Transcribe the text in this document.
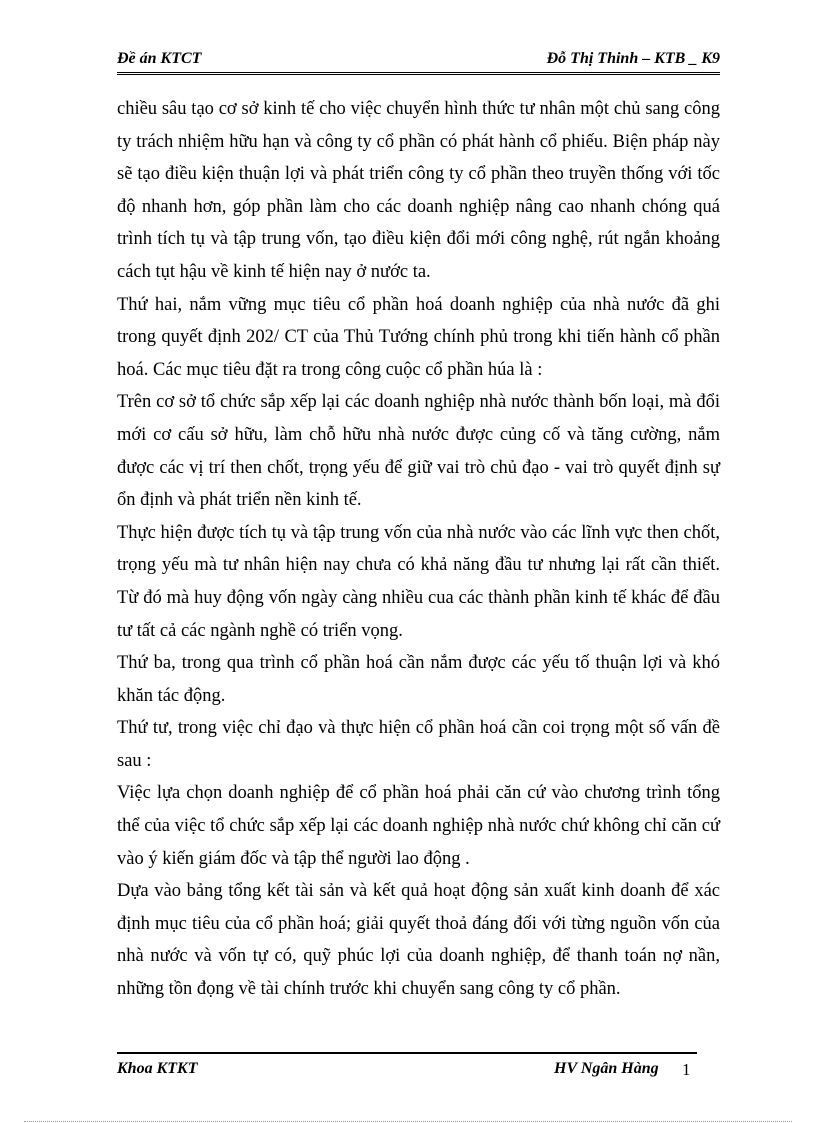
Đề án KTCT	Đỗ Thị Thinh – KTB _ K9

chiều sâu tạo cơ sở kinh tế cho việc chuyển hình thức tư nhân một chủ sang công ty trách nhiệm hữu hạn và công ty cổ phần có phát hành cổ phiếu. Biện pháp này sẽ tạo điều kiện thuận lợi và phát triển công ty cổ phần theo truyền thống với tốc độ nhanh hơn, góp phần làm cho các doanh nghiệp nâng cao nhanh chóng quá trình tích tụ và tập trung vốn, tạo điều kiện đổi mới công nghệ, rút ngắn khoảng cách tụt hậu về kinh tế hiện nay ở nước ta.

Thứ hai, nắm vững mục tiêu cổ phần hoá doanh nghiệp của nhà nước đã ghi trong quyết định 202/ CT của Thủ Tướng chính phủ trong khi tiến hành cổ phần hoá. Các mục tiêu đặt ra trong công cuộc cổ phần húa là :

Trên cơ sở tổ chức sắp xếp lại các doanh nghiệp nhà nước thành bốn loại, mà đổi mới cơ cấu sở hữu, làm chỗ hữu nhà nước được củng cố và tăng cường, nắm được các vị trí then chốt, trọng yếu để giữ vai trò chủ đạo - vai trò quyết định sự ổn định và phát triển nền kinh tế.

Thực hiện được tích tụ và tập trung vốn của nhà nước vào các lĩnh vực then chốt, trọng yếu mà tư nhân hiện nay chưa có khả năng đầu tư nhưng lại rất cần thiết. Từ đó mà huy động vốn ngày càng nhiều cua các thành phần kinh tế khác để đầu tư tất cả các ngành nghề có triển vọng.

Thứ ba, trong qua trình cổ phần hoá cần nắm được các yếu tố thuận lợi và khó khăn tác động.

Thứ tư, trong việc chỉ đạo và thực hiện cổ phần hoá cần coi trọng một số vấn đề sau :

Việc lựa chọn doanh nghiệp để cổ phần hoá phải căn cứ vào chương trình tổng thể của việc tổ chức sắp xếp lại các doanh nghiệp nhà nước chứ không chỉ căn cứ vào ý kiến giám đốc và tập thể người lao động .

Dựa vào bảng tổng kết tài sản và kết quả hoạt động sản xuất kinh doanh để xác định mục tiêu của cổ phần hoá; giải quyết thoả đáng đối với từng nguồn vốn của nhà nước và vốn tự có, quỹ phúc lợi của doanh nghiệp, để thanh toán nợ nần, những tồn đọng về tài chính trước khi chuyển sang công ty cổ phần.

Khoa KTKT	HV Ngân Hàng 1
